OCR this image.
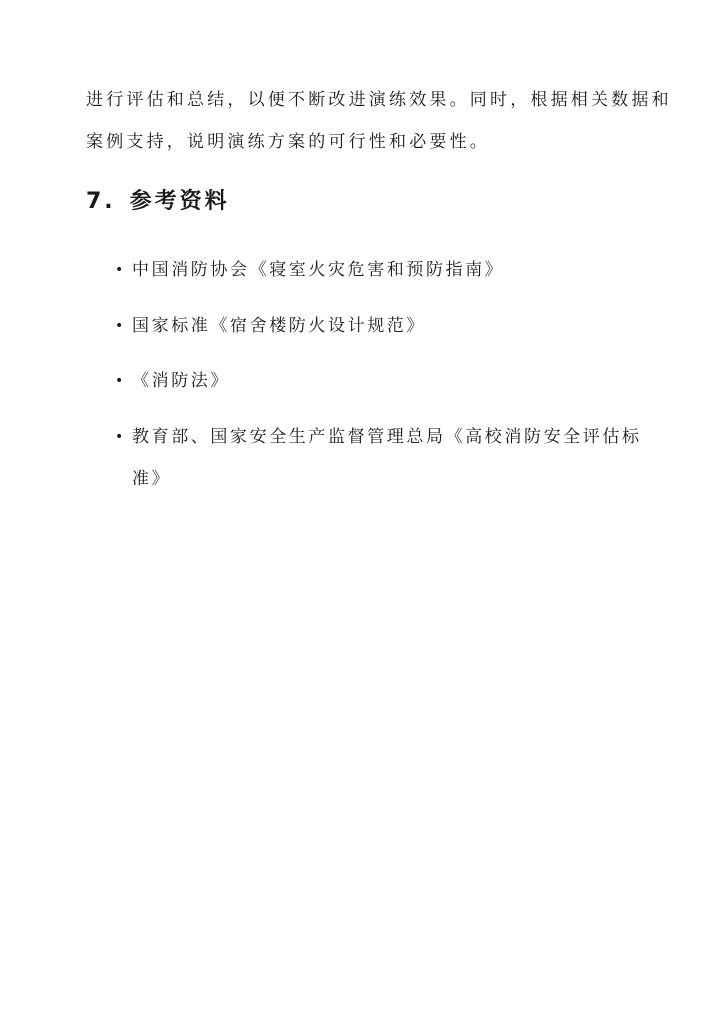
进行评估和总结，以便不断改进演练效果。同时，根据相关数据和
案例支持，说明演练方案的可行性和必要性。
7. 参考资料
• 中国消防协会《寝室火灾危害和预防指南》
• 国家标准《宿舍楼防火设计规范》
• 《消防法》
• 教育部、国家安全生产监督管理总局《高校消防安全评估标
准》
